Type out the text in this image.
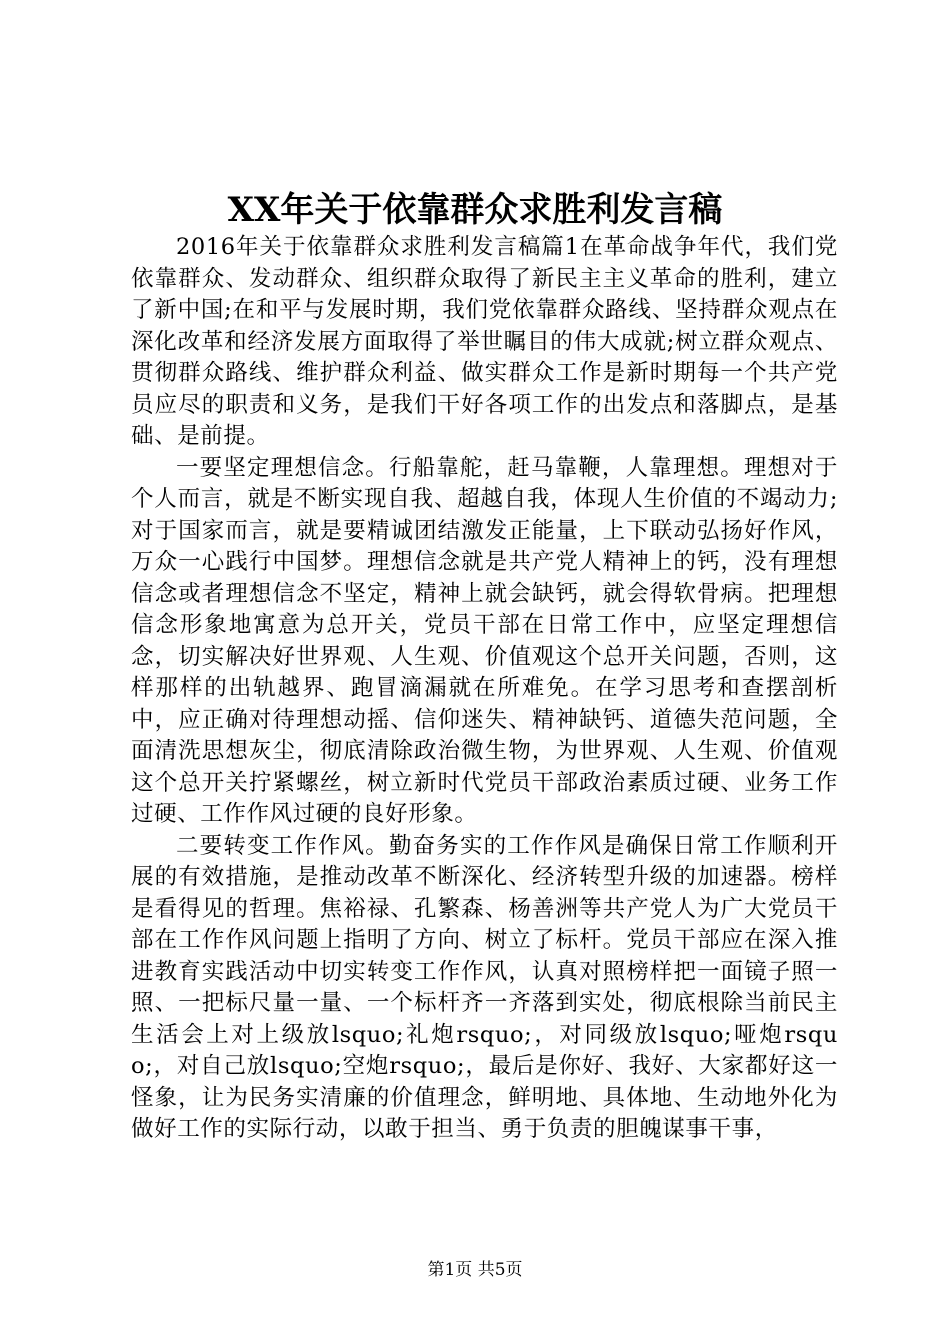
XX年关于依靠群众求胜利发言稿

2016年关于依靠群众求胜利发言稿篇1在革命战争年代，我们党依靠群众、发动群众、组织群众取得了新民主主义革命的胜利，建立了新中国;在和平与发展时期，我们党依靠群众路线、坚持群众观点在深化改革和经济发展方面取得了举世瞩目的伟大成就;树立群众观点、贯彻群众路线、维护群众利益、做实群众工作是新时期每一个共产党员应尽的职责和义务，是我们干好各项工作的出发点和落脚点，是基础、是前提。

一要坚定理想信念。行船靠舵，赶马靠鞭，人靠理想。理想对于个人而言，就是不断实现自我、超越自我，体现人生价值的不竭动力;对于国家而言，就是要精诚团结激发正能量，上下联动弘扬好作风，万众一心践行中国梦。理想信念就是共产党人精神上的钙，没有理想信念或者理想信念不坚定，精神上就会缺钙，就会得软骨病。把理想信念形象地寓意为总开关，党员干部在日常工作中，应坚定理想信念，切实解决好世界观、人生观、价值观这个总开关问题，否则，这样那样的出轨越界、跑冒滴漏就在所难免。在学习思考和查摆剖析中，应正确对待理想动摇、信仰迷失、精神缺钙、道德失范问题，全面清洗思想灰尘，彻底清除政治微生物，为世界观、人生观、价值观这个总开关拧紧螺丝，树立新时代党员干部政治素质过硬、业务工作过硬、工作作风过硬的良好形象。

二要转变工作作风。勤奋务实的工作作风是确保日常工作顺利开展的有效措施，是推动改革不断深化、经济转型升级的加速器。榜样是看得见的哲理。焦裕禄、孔繁森、杨善洲等共产党人为广大党员干部在工作作风问题上指明了方向、树立了标杆。党员干部应在深入推进教育实践活动中切实转变工作作风，认真对照榜样把一面镜子照一照、一把标尺量一量、一个标杆齐一齐落到实处，彻底根除当前民主生活会上对上级放lsquo;礼炮rsquo;，对同级放lsquo;哑炮rsquo;，对自己放lsquo;空炮rsquo;，最后是你好、我好、大家都好这一怪象，让为民务实清廉的价值理念，鲜明地、具体地、生动地外化为做好工作的实际行动，以敢于担当、勇于负责的胆魄谋事干事，

第1页 共5页
